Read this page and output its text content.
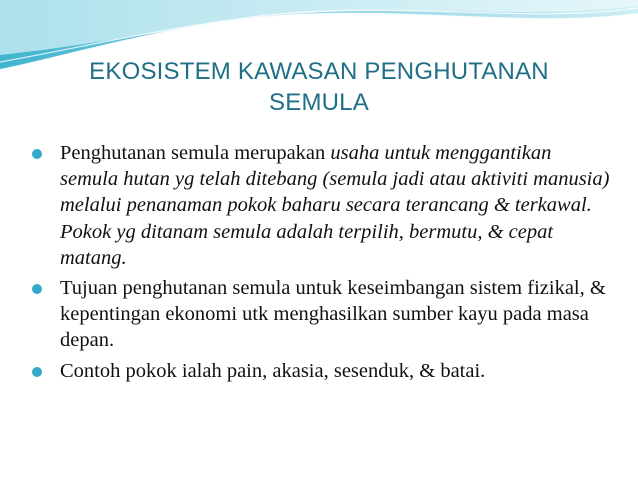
EKOSISTEM KAWASAN PENGHUTANAN
SEMULA
Penghutanan semula merupakan usaha untuk menggantikan semula hutan yg telah ditebang (semula jadi atau aktiviti manusia) melalui penanaman pokok baharu secara terancang & terkawal. Pokok yg ditanam semula adalah terpilih, bermutu, & cepat matang.
Tujuan penghutanan semula untuk keseimbangan sistem fizikal, & kepentingan ekonomi utk menghasilkan sumber kayu pada masa depan.
Contoh pokok ialah pain, akasia, sesenduk, & batai.
